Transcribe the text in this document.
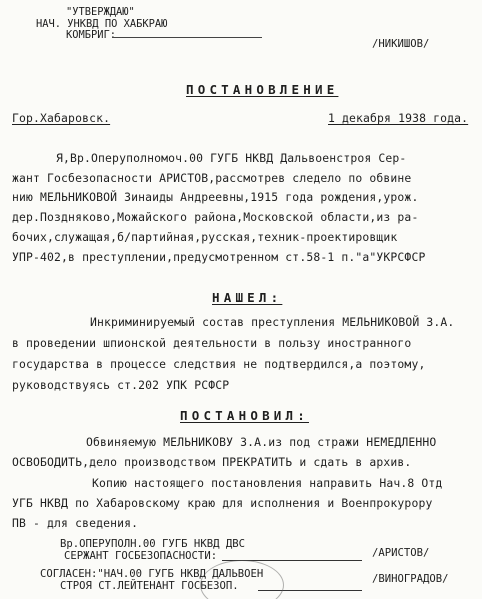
"УТВЕРЖДАЮ"
НАЧ. УНКВД ПО ХАБКРАЮ
КОМБРИГ:
/НИКИШОВ/
ПОСТАНОВЛЕНИЕ
Гор.Хабаровск.	1 декабря 1938 года.
Я,Вр.Оперуполномоч.00 ГУГБ НКВД Дальвоенстроя Сер-
жант Госбезопасности АРИСТОВ,рассмотрев следело по обвине
нию МЕЛЬНИКОВОЙ Зинаиды Андреевны,1915 года рождения,урож.
дер.Поздняково,Можайского района,Московской области,из ра-
бочих,служащая,б/партийная,русская,техник-проектировщик
УПР-402,в преступлении,предусмотренном ст.58-1 п."а"УКРСФСР
НАШЕЛ:
Инкриминируемый состав преступления МЕЛЬНИКОВОЙ З.А.
в проведении шпионской деятельности в пользу иностранного
государства в процессе следствия не подтвердился,а поэтому,
руководствуясь ст.202 УПК РСФСР
ПОСТАНОВИЛ:
Обвиняемую МЕЛЬНИКОВУ З.А.из под стражи НЕМЕДЛЕННО
ОСВОБОДИТЬ,дело производством ПРЕКРАТИТЬ и сдать в архив.
Копию настоящего постановления направить Нач.8 Отд
УГБ НКВД по Хабаровскому краю для исполнения и Военпрокурору
ПВ - для сведения.
Вр.ОПЕРУПОЛН.00 ГУГБ НКВД ДВС
СЕРЖАНТ ГОСБЕЗОПАСНОСТИ:	/АРИСТОВ/
СОГЛАСЕН:"НАЧ.00 ГУГБ НКВД ДАЛЬВОЕН
СТРОЯ СТ.ЛЕЙТЕНАНТ ГОСБЕЗОП.
/ВИНОГРАДОВ/
